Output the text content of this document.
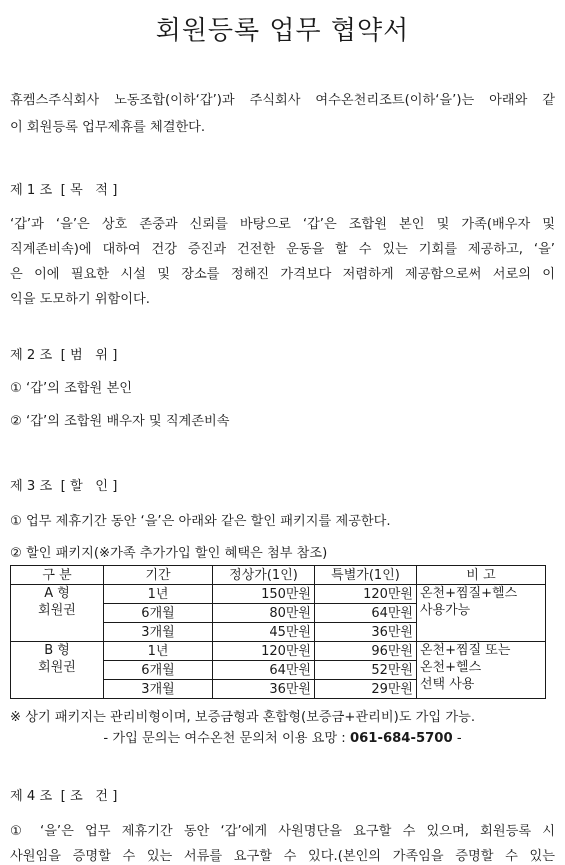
회원등록 업무 협약서
휴켐스주식회사 노동조합(이하‘갑’)과 주식회사 여수온천리조트(이하‘을’)는 아래와 같
이 회원등록 업무제휴를 체결한다.
제 1 조  [ 목   적 ]
‘갑’과 ‘을’은 상호 존중과 신뢰를 바탕으로 ‘갑’은 조합원 본인 및 가족(배우자 및
직계존비속)에 대하여 건강 증진과 건전한 운동을 할 수 있는 기회를 제공하고, ‘을’
은 이에 필요한 시설 및 장소를 정해진 가격보다 저렴하게 제공함으로써 서로의 이
익을 도모하기 위함이다.
제 2 조  [ 범   위 ]
① ‘갑’의 조합원 본인
② ‘갑’의 조합원 배우자 및 직계존비속
제 3 조  [ 할   인 ]
① 업무 제휴기간 동안 ‘을’은 아래와 같은 할인 패키지를 제공한다.
② 할인 패키지(※가족 추가가입 할인 혜택은 첨부 참조)
구 분	기간	정상가(1인)	특별가(1인)	비 고
A 형
회원권	1년	150만원	120만원	온천+찜질+헬스
사용가능
	6개월	80만원	64만원	
	3개월	45만원	36만원	
B 형
회원권	1년	120만원	96만원	온천+찜질 또는
온천+헬스
선택 사용
	6개월	64만원	52만원	
	3개월	36만원	29만원	
※ 상기 패키지는 관리비형이며, 보증금형과 혼합형(보증금+관리비)도 가입 가능.
- 가입 문의는 여수온천 문의처 이용 요망 : 061-684-5700 -
제 4 조  [ 조   건 ]
① ‘을’은 업무 제휴기간 동안 ‘갑’에게 사원명단을 요구할 수 있으며, 회원등록 시
사원임을 증명할 수 있는 서류를 요구할 수 있다.(본인의 가족임을 증명할 수 있는
